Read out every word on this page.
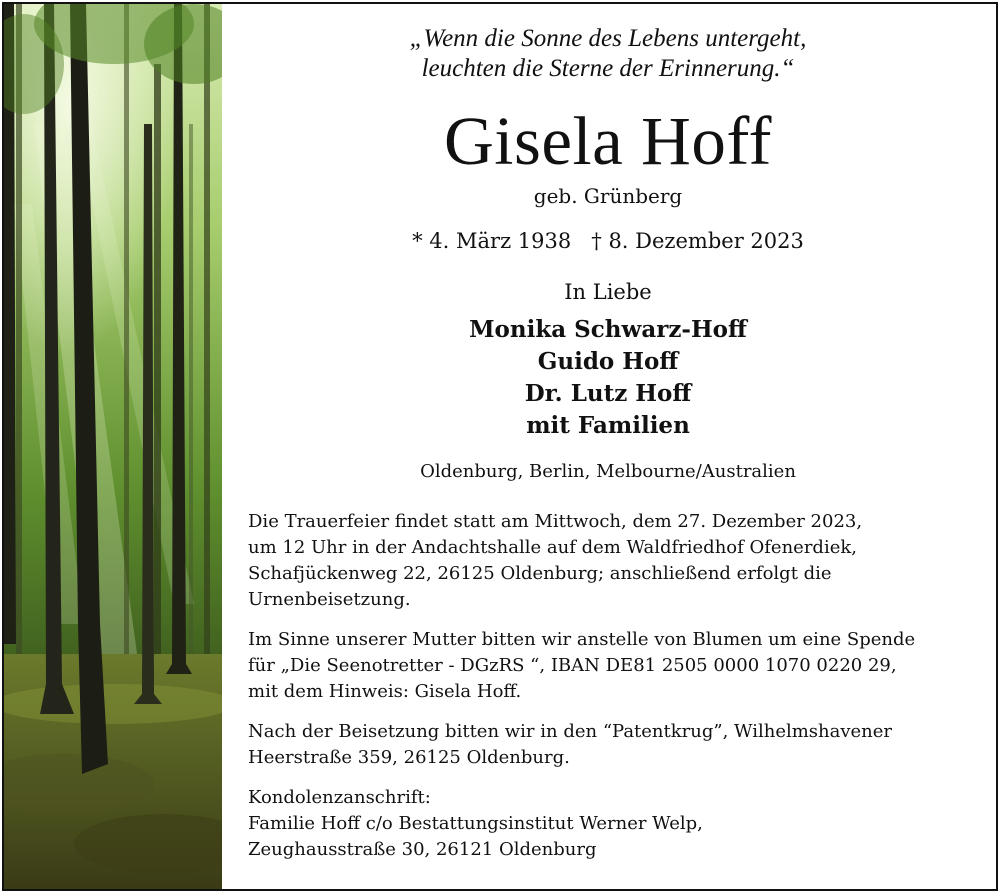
„Wenn die Sonne des Lebens untergeht,
leuchten die Sterne der Erinnerung.“
Gisela Hoff
geb. Grünberg
* 4. März 1938 † 8. Dezember 2023
In Liebe
Monika Schwarz-Hoff
Guido Hoff
Dr. Lutz Hoff
mit Familien
Oldenburg, Berlin, Melbourne/Australien

Die Trauerfeier findet statt am Mittwoch, dem 27. Dezember 2023,
um 12 Uhr in der Andachtshalle auf dem Waldfriedhof Ofenerdiek,
Schafjückenweg 22, 26125 Oldenburg; anschließend erfolgt die
Urnenbeisetzung.

Im Sinne unserer Mutter bitten wir anstelle von Blumen um eine Spende
für „Die Seenotretter - DGzRS “, IBAN DE81 2505 0000 1070 0220 29,
mit dem Hinweis: Gisela Hoff.

Nach der Beisetzung bitten wir in den “Patentkrug”, Wilhelmshavener
Heerstraße 359, 26125 Oldenburg.

Kondolenzanschrift:
Familie Hoff c/o Bestattungsinstitut Werner Welp,
Zeughausstraße 30, 26121 Oldenburg
